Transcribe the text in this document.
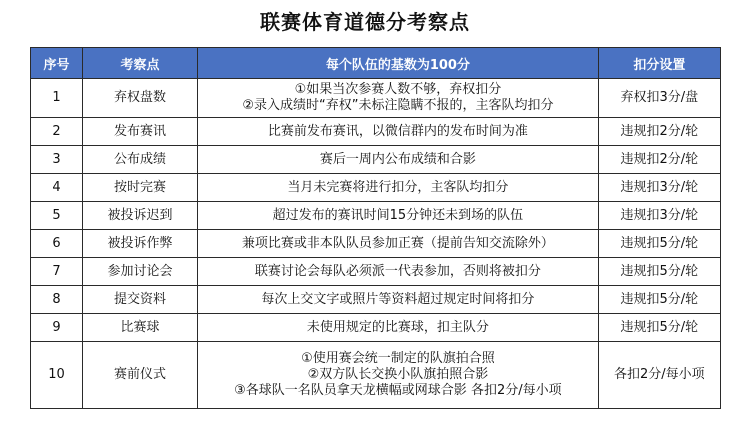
联赛体育道德分考察点
序号	考察点	每个队伍的基数为100分	扣分设置
1	弃权盘数	①如果当次参赛人数不够，弃权扣分
②录入成绩时“弃权”未标注隐瞒不报的，主客队均扣分	弃权扣3分/盘
2	发布赛讯	比赛前发布赛讯，以微信群内的发布时间为准	违规扣2分/轮
3	公布成绩	赛后一周内公布成绩和合影	违规扣2分/轮
4	按时完赛	当月未完赛将进行扣分，主客队均扣分	违规扣3分/轮
5	被投诉迟到	超过发布的赛讯时间15分钟还未到场的队伍	违规扣3分/轮
6	被投诉作弊	兼项比赛或非本队队员参加正赛（提前告知交流除外）	违规扣5分/轮
7	参加讨论会	联赛讨论会每队必须派一代表参加，否则将被扣分	违规扣5分/轮
8	提交资料	每次上交文字或照片等资料超过规定时间将扣分	违规扣5分/轮
9	比赛球	未使用规定的比赛球，扣主队分	违规扣5分/轮
10	赛前仪式	①使用赛会统一制定的队旗拍合照
②双方队长交换小队旗拍照合影
③各球队一名队员拿天龙横幅或网球合影 各扣2分/每小项	各扣2分/每小项
